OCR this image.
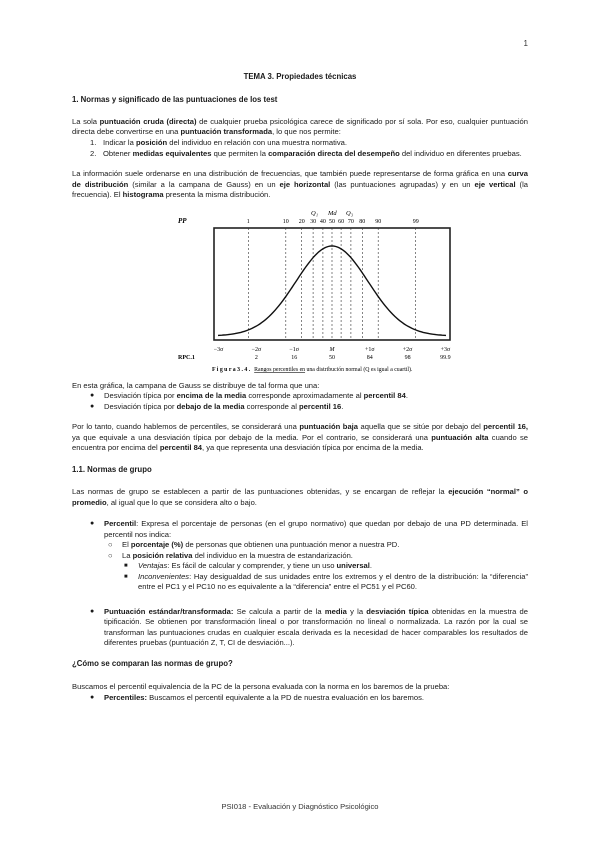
1
TEMA 3. Propiedades técnicas
1. Normas y significado de las puntuaciones de los test

La sola puntuación cruda (directa) de cualquier prueba psicológica carece de significado por sí sola. Por eso, cualquier puntuación directa debe convertirse en una puntuación transformada, lo que nos permite:

1. Indicar la posición del individuo en relación con una muestra normativa.
2. Obtener medidas equivalentes que permiten la comparación directa del desempeño del individuo en diferentes pruebas.

La información suele ordenarse en una distribución de frecuencias, que también puede representarse de forma gráfica en una curva de distribución (similar a la campana de Gauss) en un eje horizontal (las puntuaciones agrupadas) y en un eje vertical (la frecuencia). El histograma presenta la misma distribución.

PP	1	10 20 30 40 50 60 70 80 90	99
Q₁ Md Q₃
−3σ	−2σ	−1σ	M	+1σ	+2σ	+3σ
RPC.1	2	16	50	84	98	99.9
F i g u r a 3 . 4 . Rangos percentiles en una distribución normal (Q es igual a cuartil).

En esta gráfica, la campana de Gauss se distribuye de tal forma que una:

●	Desviación típica por encima de la media corresponde aproximadamente al percentil 84.
●	Desviación típica por debajo de la media corresponde al percentil 16.

Por lo tanto, cuando hablemos de percentiles, se considerará una puntuación baja aquella que se sitúe por debajo del percentil 16, ya que equivale a una desviación típica por debajo de la media. Por el contrario, se considerará una puntuación alta cuando se encuentra por encima del percentil 84, ya que representa una desviación típica por encima de la media.

1.1. Normas de grupo

Las normas de grupo se establecen a partir de las puntuaciones obtenidas, y se encargan de reflejar la ejecución “normal” o promedio, al igual que lo que se considera alto o bajo.

●	Percentil: Expresa el porcentaje de personas (en el grupo normativo) que quedan por debajo de una PD determinada. El percentil nos indica:
○	El porcentaje (%) de personas que obtienen una puntuación menor a nuestra PD.
○	La posición relativa del individuo en la muestra de estandarización.
■	Ventajas: Es fácil de calcular y comprender, y tiene un uso universal.
■	Inconvenientes: Hay desigualdad de sus unidades entre los extremos y el dentro de la distribución: la “diferencia” entre el PC1 y el PC10 no es equivalente a la “diferencia” entre el PC51 y el PC60.
●	Puntuación estándar/transformada: Se calcula a partir de la media y la desviación típica obtenidas en la muestra de tipificación. Se obtienen por transformación lineal o por transformación no lineal o normalizada. La razón por la cual se transforman las puntuaciones crudas en cualquier escala derivada es la necesidad de hacer comparables los resultados de diferentes pruebas (puntuación Z, T, CI de desviación...).
¿Cómo se comparan las normas de grupo?

Buscamos el percentil equivalencia de la PC de la persona evaluada con la norma en los baremos de la prueba:

●	Percentiles: Buscamos el percentil equivalente a la PD de nuestra evaluación en los baremos.
PSI018 - Evaluación y Diagnóstico Psicológico
